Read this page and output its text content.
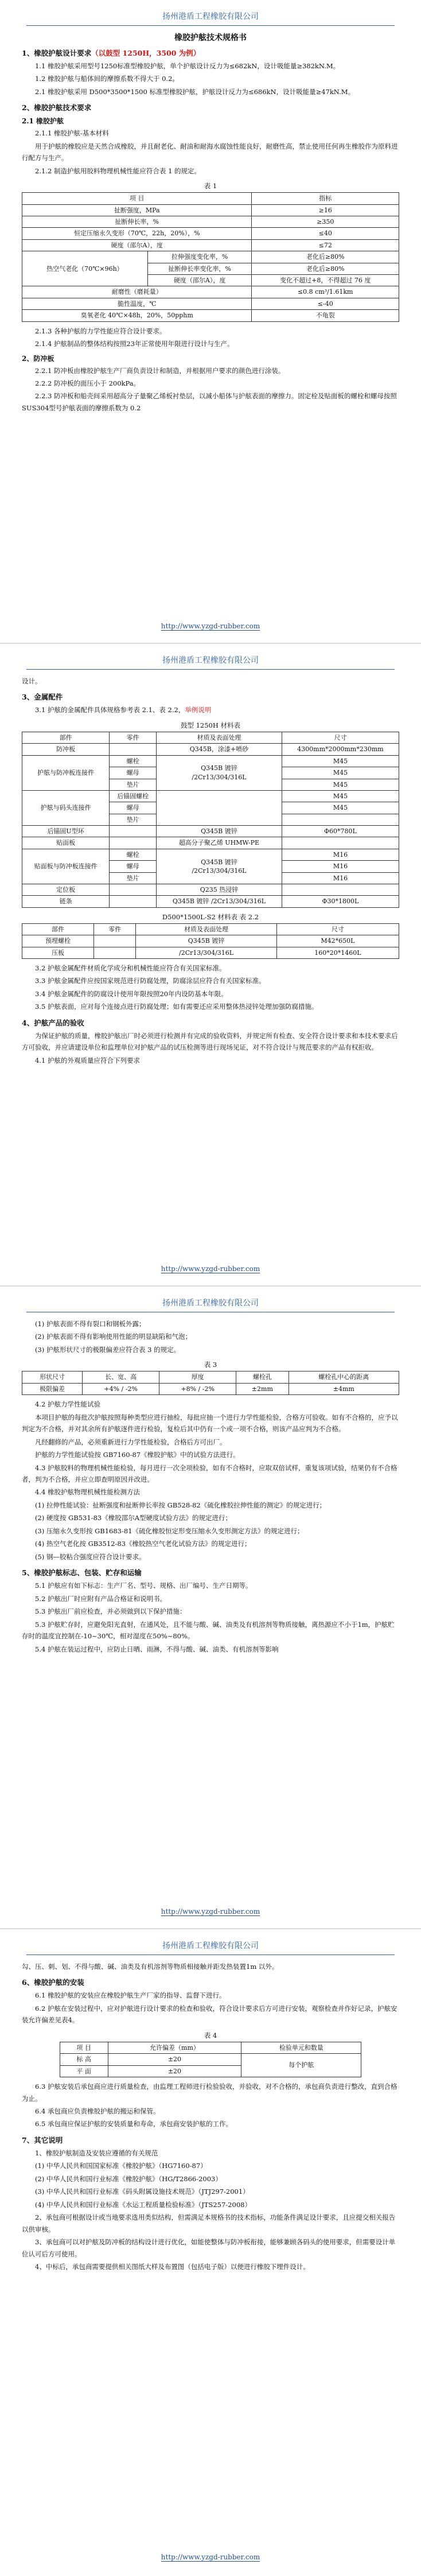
扬州港盾工程橡胶有限公司
橡胶护舷技术规格书
1、橡胶护舷设计要求（以鼓型 1250H，3500 为例）

1.1 橡胶护舷采用型号1250标准型橡胶护舷，单个护舷设计反力为≤682kN，设计吸能量≥382kN.M。

1.2 橡胶护舷与船体间的摩擦系数不得大于 0.2。

2.1 橡胶护舷采用 D500*3500*1500 标准型橡胶护舷，护舷设计反力为≤686kN，设计吸能量≥47kN.M。

2、橡胶护舷技术要求
2.1 橡胶护舷

2.1.1 橡胶护舷-基本材料

用于护舷的橡胶应是天然合成橡胶，并且耐老化、耐油和耐海水腐蚀性能良好，耐磨性高，禁止使用任何再生橡胶作为原料进行配方与生产。

2.1.2 制造护舷用胶料物理机械性能应符合表 1 的规定。

表 1
项 目		指标
扯断强度，MPa		≥16
扯断伸长率，%		≥350
恒定压缩永久变形（70℃，22h，20%），%		≤40
硬度（邵尔A），度		≤72
热空气老化（70℃×96h）	拉伸强度变化率，%	老化后≥80%
	扯断伸长率变化率，%	老化后≥80%
	硬度（邵尔A），度	变化不超过+8，不得超过 76 度
耐磨性（磨耗量）		≤0.8 cm³/1.61km
脆性温度，℃		≤-40
臭氧老化 40℃×48h，20%，50pphm		不龟裂

2.1.3 各种护舷的力学性能应符合设计要求。

2.1.4 护舷制品的整体结构按照23年正常使用年限进行设计与生产。

2、防冲板

2.2.1 防冲板由橡胶护舷生产厂商负责设计和制造，并根据用户要求的颜色进行涂装。

2.2.2 防冲板的面压小于 200kPa。

2.2.3 防冲板和船壳间采用超高分子量聚乙烯板衬垫层，以减小船体与护舷表面的摩擦力。固定栓及贴面板的螺栓和螺母按照SUS304型号护舷表面的摩擦系数为 0.2

http://www.yzgd-rubber.com
扬州港盾工程橡胶有限公司

设计。

3、金属配件

3.1 护舷的金属配件具体规格参考表 2.1、表 2.2，举例说明

鼓型 1250H 材料表
部件	零件	材质及表面处理	尺寸
防冲板		Q345B，涂漆+喷砂	4300mm*2000mm*230mm
护舷与防冲板连接件	螺栓	Q345B 镀锌
/2Cr13/304/316L	M45
	螺母		M45
	垫片		M45
护舷与码头连接件	后锚固螺栓		M45
	螺母		M45
	垫片		
后锚固U型环		Q345B 镀锌	Φ60*780L
贴面板		超高分子聚乙烯 UHMW-PE	
贴面板与防冲板连接件	螺栓	Q345B 镀锌
/2Cr13/304/316L	M16
	螺母		M16
	垫片		M16
定位板		Q235 热浸锌	
链条		Q345B 镀锌 /2Cr13/304/316L	Φ30*1800L
D500*1500L-S2 材料表 表 2.2
部件	零件	材质及表面处理	尺寸
预埋螺栓		Q345B 镀锌	M42*650L
压板		/2Cr13/304/316L	160*20*1460L

3.2 护舷金属配件材质化学成分和机械性能应符合有关国家标准。

3.3 护舷金属配件应按国家规范进行防腐处理，防腐涂层应符合有关国家标准。

3.4 护舷金属配件的防腐设计使用年限按照20年内设防基本年限。

3.5 护舷表面，应对每个连接点进行防腐处理；如有需要还应采用整体热浸锌处理加强防腐措施。

4、护舷产品的验收

为保证护舷的质量，橡胶护舷出厂时必须进行检测并有完成的验收资料，并规定所有检查、安全符合设计要求和本技术要求后方可验收，并应请建设单位和监理单位对护舷产品的试压检测等进行现场见证，对不符合设计与规范要求的产品有权拒收。

4.1 护舷的外观质量应符合下列要求

http://www.yzgd-rubber.com
扬州港盾工程橡胶有限公司

(1) 护舷表面不得有裂口和钢板外露；

(2) 护舷表面不得有影响使用性能的明显缺陷和气泡；

(3) 护舷形状尺寸的极限偏差应符合表 3 的规定。

表 3
形状尺寸	长、宽、高	厚度	螺栓孔	螺栓孔中心的距离
极限偏差	+4% / -2%	+8% / -2%	±2mm	±4mm

4.2 护舷力学性能试验

本项目护舷的每批次护舷按照每种类型应进行抽检，每批应抽一个进行力学性能检验，合格方可验收。如有不合格的，应予以判定为不合格，并对其余所有护舷逐件进行检验，复检后其中仍有一个或一项不合格，则该产品应判为不合格。

凡经翻修的产品，必须重新进行力学性能检验，合格后方可出厂。

护舷的力学性能试验按 GB7160-87《橡胶护舷》中的试验方法进行。

4.3 护舷胶料的物理机械性能检验，每月进行一次全项检验，如有不合格时，应取双倍试样，重复该项试验，结果仍有不合格者，判为不合格，并应立即查明原因并改进。

4.4 橡胶护舷物理机械性能检测方法

(1) 拉伸性能试验：扯断强度和扯断伸长率按 GB528-82《硫化橡胶拉伸性能的测定》的规定进行；

(2) 硬度按 GB531-83《橡胶邵尔A型硬度试验方法》的规定进行；

(3) 压缩永久变形按 GB1683-81《硫化橡胶恒定形变压缩永久变形测定方法》的规定进行；

(4) 热空气老化按 GB3512-83《橡胶热空气老化试验方法》的规定进行；

(5) 钢—胶粘合强度应符合设计要求。

5、橡胶护舷标志、包装、贮存和运输

5.1 护舷应有如下标志：生产厂名、型号、规格、出厂编号、生产日期等。

5.2 护舷出厂时应附有产品合格证和说明书。

5.3 护舷出厂前应检查，并必须做到以下保护措施：

5.3 护舷贮存时，应避免阳光直射，在通风处，且不能与酸、碱、油类及有机溶剂等物质接触，离热源应不小于1m，护舷贮存时的温度宜控制在-10~30℃，相对湿度在50%~80%。

5.4 护舷在装运过程中，应防止日晒、雨淋，不得与酸、碱、油类、有机溶剂等影响

http://www.yzgd-rubber.com
扬州港盾工程橡胶有限公司

勾、压、刺、划、不得与酸、碱、油类及有机溶剂等物质相接触并距发热装置1m 以外。

6、橡胶护舷的安装

6.1 橡胶护舷的安装应在橡胶护舷生产厂家的指导、监督下进行。

6.2 护舷在安装过程中，应对护舷进行设计要求的检查和验收，符合设计要求后方可进行安装，观察检查并作好记录，护舷安装允许偏差见表4。

表 4
项 目	允许偏差（mm）	检验单元和数量
标 高	±20	每个护舷
平 面	±20	

6.3 护舷安装后承包商应进行质量检查，由监理工程师进行检验验收，并验收，对不合格的，承包商负责进行整改，直到合格为止。

6.4 承包商应负责橡胶护舷的搬运和保管。

6.5 承包商应保证护舷的安装质量和寿命，承包商安装护舷的工作。

7、其它说明

1、橡胶护舷制造及安装应遵循的有关规范

(1) 中华人民共和国国家标准《橡胶护舷》（HG7160-87）

(2) 中华人民共和国行业标准《橡胶护舷》（HG/T2866-2003）

(3) 中华人民共和国行业标准《码头附属设施技术规范》（JTJ297-2001）

(4) 中华人民共和国行业标准《水运工程质量检验标准》（JTS257-2008）

2、承包商可根据设计或当地要求选用类似结构，但需满足本规格书的技术指标，功能条件满足设计要求，且应提交相关报告以供审核。

3、承包商可以对护舷及防冲板的结构设计进行优化，如能使整体与防冲板衔接，能够兼顾各码头的使用要求，但需要设计单位认可后方可使用。

4、中标后，承包商需要提供相关图纸大样及布置图（包括电子版）以便进行橡胶下埋件设计。

http://www.yzgd-rubber.com
